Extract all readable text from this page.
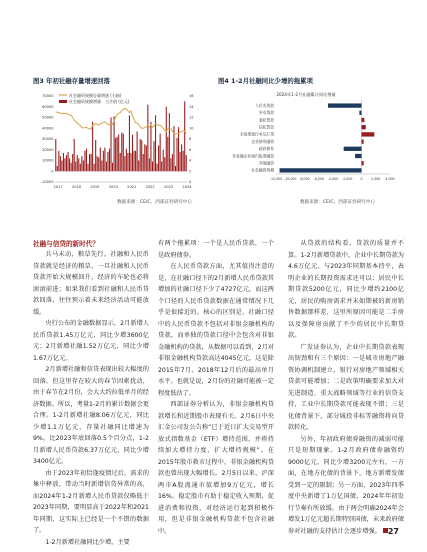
图3 年初社融存量增速回落
社会融资规模存量增速 (右轴)
社会融资规模增量：当月值 (亿元)
70000
60000
50000
40000
30000
20000
10000
0
-10000
16
14
12
10
8
6
4
2
0
2017	2018	2019	2020	2021	2022	2023	2024
数据来源：CEIC，西部证券研究中心
图4 1-2月社融同比少增的拖累项
2024年1-2月社融累计同比增量
人民币贷款
外币贷款
委托贷款
信托贷款
未贴现银行承兑汇票
企业债券融资
政府债券
非金融企业境内股票融资
其他融资
社会融资规模
-12,000 -10,000 -8,000 -6,000 -4,000 -2,000	0	2,000 4,000
数据来源：CEIC，西部证券研究中心
社融与信贷的新时代？

兵马未动，粮草先行。社融和人民币贷款就是经济的粮草，一旦社融和人民币贷款开始大规模回升，经济的车轮也必将滚滚前进；如果我们看到社融和人民币贷款回落，往往预示着未来经济活动可能放缓。

央行公布的金融数据显示，2月新增人民币贷款1.45万亿元，同比少增3600亿元；2月新增社融1.52万亿元，同比少增1.67万亿元。

2月新增社融和信贷表现出较大幅度的回落，但这里存在较大的春节因素扰动，由于春节在2月份，会大大约拉低单月的经济数据。所以，考量1-2月的累计数据会更合理。1-2月新增社融8.06万亿元，同比少增1.1万亿元，存量社融同比增速为9%，比2023年底回落0.5个百分点，1-2月新增人民币贷款6.37万亿元，同比少增3400亿元。

由于2023年初恰逢疫情过后，需求的集中释放，带动当时新增信贷异常的高，而2024年1-2月新增人民币贷款仅略低于2023年同期，要明显高于2022年和2021年同期，这实际上已经是一个不错的数据了。

1-2月新增社融同比少增，主要

有两个拖累项：一个是人民币贷款，一个是政府债券。

在人民币贷款方面，尤其值得注意的是，在社融口径下的2月新增人民币贷款其增加的社融口径下少了4727亿元，而这两个口径的人民币贷款数据在通常情况下几乎是很接近的。核心的区别是，社融口径中的人民币贷款不包括对非银金融机构的贷款，而单独的贷款口径中会包含对非银金融机构的贷款，从数据可以看到，2月对非银金融机构贷款高达4045亿元，这是除2015年7月、2018年12月后的最高单月水平。也就是说，2月份的社融可能被一定程度低估了。

西部证券分析认为，非银金融机构贷款增长和近期股市表现有关。2月6日中央汇金公司发公告称“已于近日扩大交易型开放式指数基金（ETF）增持范围，并将持续加大增持力度、扩大增持规模”。在2015年股市救市过程中，非银金融机构贷款也曾出现大幅增长。2月5日以来，沪深两市A股流通市值增加9万亿元，增长16%。稳定股市有助于稳定收入预期，促进消费和投资，对经济运行起到积极作用，但是非银金融机构贷款不包含社融中。

从贷款的结构看，贷款的质量并不算。1-2月新增贷款中，企业中长期贷款为4.6万亿元，与2023年同期基本持平，表明企业的长期投资需求还可以；居民中长期贷款5200亿元，同比少增约2100亿元，居民的购房需求并未如期被的新房销售数据那样差，这里所原因可能是二手房以及保障房贡献了不少的居民中长期贷款。

广发证券认为，企业中长期贷款表现出韧劲和有三个原因：一是城市房地产融资协调机制建立，银行对房地产领域相关贷款可能增加；二是政策明确要求加大对先进制造、重大战略领域等行业的信贷支持，工业中长期贷款可能表现不错；三是化债背景下，部分城投非标等融资将向贷款转化。

另外，年初政府债券融资的减弱可能只是短期现象。1-2月政府债券融资约9000亿元，同比少增3200元左右，一方面，在地方化债的背景下，地方新增发债受到一定的限制；另一方面，2023年四季度中央新增了1万亿国债，2024年年初发行节奏有所放缓。由于两会明确2024年会增发1万亿元超长期特别国债，未来政府债券对社融的支持估计会逐步增强。 27
